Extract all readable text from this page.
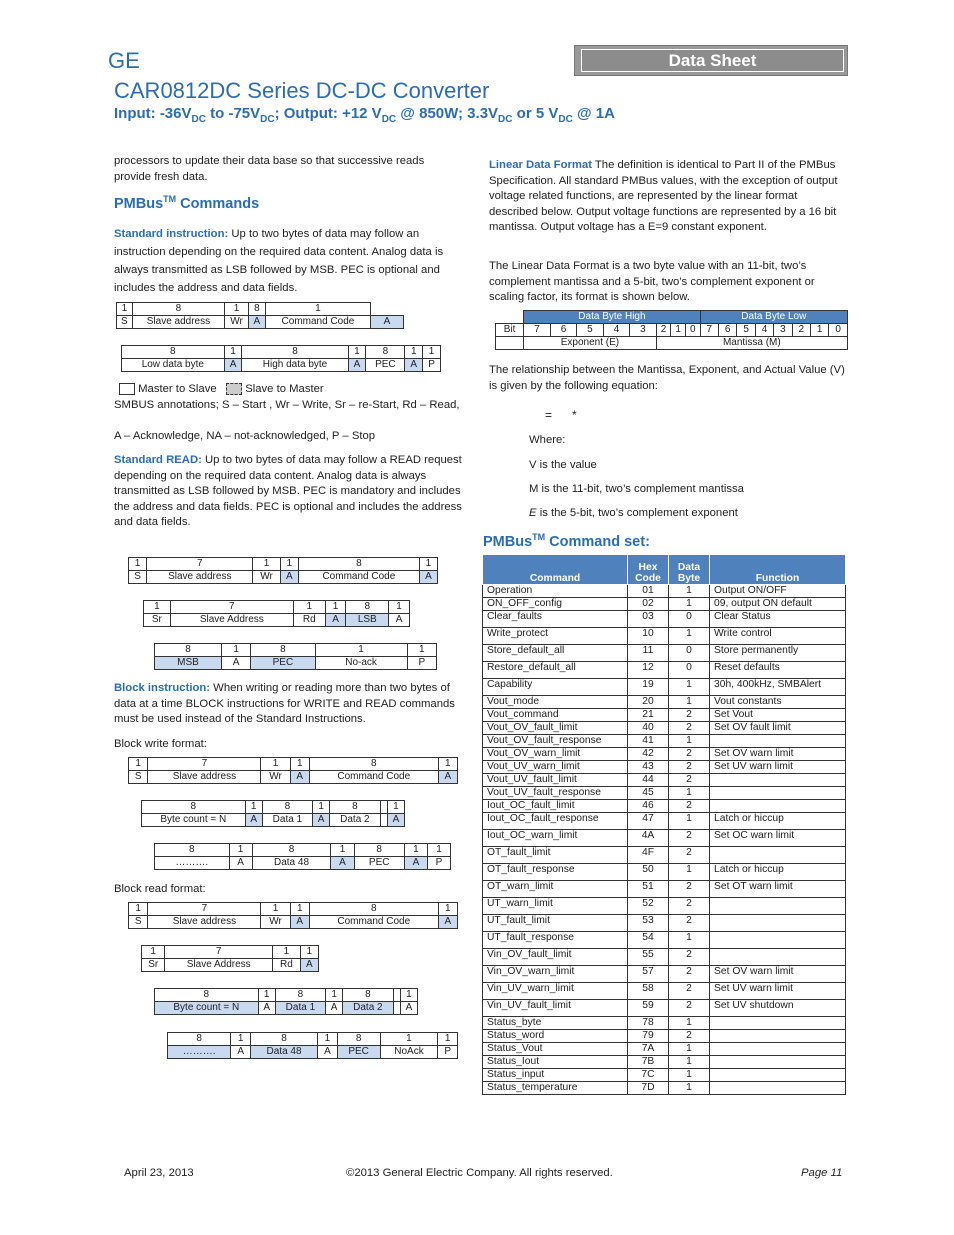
GE	Data Sheet
CAR0812DC Series DC-DC Converter
Input: $-36V_{DC}$ to $-75V_{DC}$; Output: +12 $V_{DC}$ @ 850W; $3.3V_{DC}$ or 5 $V_{DC}$ @ 1A

processors to update their data base so that successive reads provide fresh data.

PMBus™ Commands

Standard instruction: Up to two bytes of data may follow an instruction depending on the required data content. Analog data is always transmitted as LSB followed by MSB. PEC is optional and includes the address and data fields.

1	8	1	8	1	
S	Slave address	Wr	A	Command Code	A
8	1	8	1	8	1	1
Low data byte	A	High data byte	A	PEC	A	P
Master to Slave	Slave to Master

SMBUS annotations; S – Start , Wr – Write, Sr – re-Start, Rd – Read,

A – Acknowledge, NA – not-acknowledged, P – Stop

Standard READ: Up to two bytes of data may follow a READ request depending on the required data content. Analog data is always transmitted as LSB followed by MSB. PEC is mandatory and includes the address and data fields. PEC is optional and includes the address and data fields.

1	7	1	1	8	1
S	Slave address	Wr	A	Command Code	A
1	7	1	1	8	1
Sr	Slave Address	Rd	A	LSB	A
8	1	8	1	1
MSB	A	PEC	No-ack	P

Block instruction: When writing or reading more than two bytes of data at a time BLOCK instructions for WRITE and READ commands must be used instead of the Standard Instructions.

Block write format:

1	7	1	1	8	1
S	Slave address	Wr	A	Command Code	A
8	1	8	1	8		1
Byte count = N	A	Data 1	A	Data 2		A
8	1	8	1	8	1	1
……….	A	Data 48	A	PEC	A	P

Block read format:

1	7	1	1	8	1
S	Slave address	Wr	A	Command Code	A
1	7	1	1
Sr	Slave Address	Rd	A
8	1	8	1	8		1
Byte count = N	A	Data 1	A	Data 2		A
8	1	8	1	8	1	1
……….	A	Data 48	A	PEC	NoAck	P

Linear Data Format The definition is identical to Part II of the PMBus Specification. All standard PMBus values, with the exception of output voltage related functions, are represented by the linear format described below. Output voltage functions are represented by a 16 bit mantissa. Output voltage has a E=9 constant exponent.

The Linear Data Format is a two byte value with an 11-bit, two’s complement mantissa and a 5-bit, two’s complement exponent or scaling factor, its format is shown below.

	Data Byte High								Data Byte Low							
Bit	7	6	5	4	3	2	1	0	7	6	5	4	3	2	1	0
	Exponent (E)					Mantissa (M)										

The relationship between the Mantissa, Exponent, and Actual Value (V) is given by the following equation:

=      *

Where:

V is the value

M is the 11-bit, two’s complement mantissa

E is the 5-bit, two’s complement exponent

PMBus™ Command set:
Command	Hex Code	Data Byte	Function
Operation	01	1	Output ON/OFF
ON_OFF_config	02	1	09, output ON default
Clear_faults	03	0	Clear Status
Write_protect	10	1	Write control
Store_default_all	11	0	Store permanently
Restore_default_all	12	0	Reset defaults
Capability	19	1	30h, 400kHz, SMBAlert
Vout_mode	20	1	Vout constants
Vout_command	21	2	Set Vout
Vout_OV_fault_limit	40	2	Set OV fault limit
Vout_OV_fault_response	41	1	
Vout_OV_warn_limit	42	2	Set OV warn limit
Vout_UV_warn_limit	43	2	Set UV warn limit
Vout_UV_fault_limit	44	2	
Vout_UV_fault_response	45	1	
Iout_OC_fault_limit	46	2	
Iout_OC_fault_response	47	1	Latch or hiccup
Iout_OC_warn_limit	4A	2	Set OC warn limit
OT_fault_limit	4F	2	
OT_fault_response	50	1	Latch or hiccup
OT_warn_limit	51	2	Set OT warn limit
UT_warn_limit	52	2	
UT_fault_limit	53	2	
UT_fault_response	54	1	
Vin_OV_fault_limit	55	2	
Vin_OV_warn_limit	57	2	Set OV warn limit
Vin_UV_warn_limit	58	2	Set UV warn limit
Vin_UV_fault_limit	59	2	Set UV shutdown
Status_byte	78	1	
Status_word	79	2	
Status_Vout	7A	1	
Status_Iout	7B	1	
Status_input	7C	1	
Status_temperature	7D	1	
April 23, 2013	©2013 General Electric Company. All rights reserved.	Page 11
